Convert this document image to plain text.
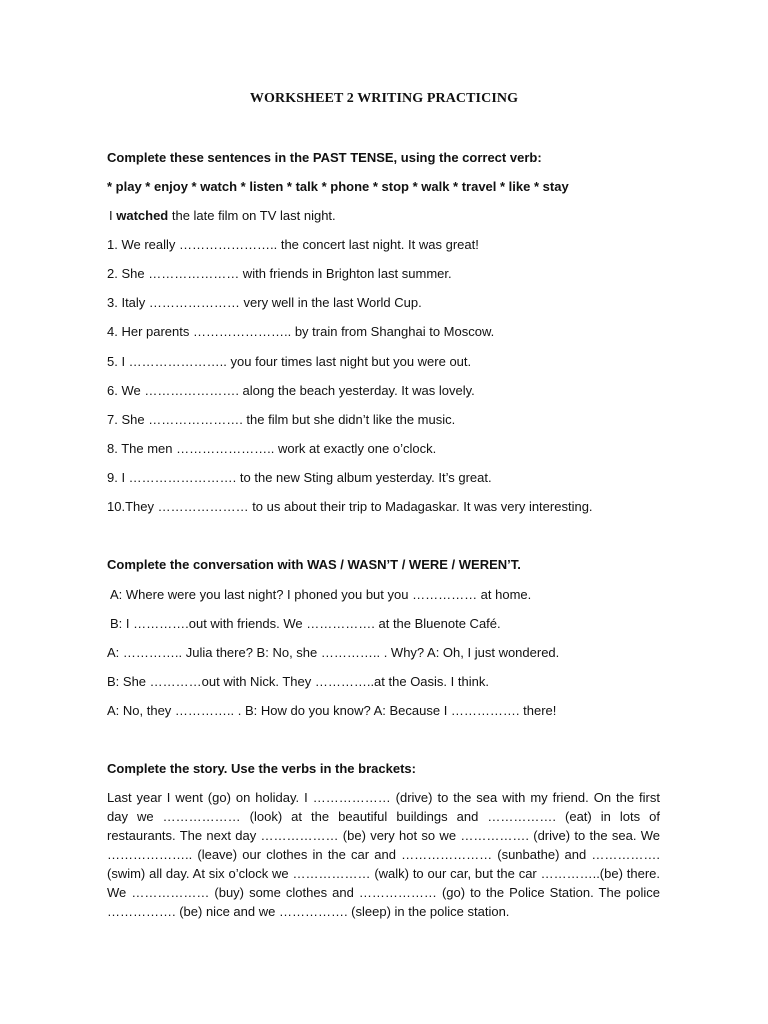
WORKSHEET 2 WRITING PRACTICING
Complete these sentences in the PAST TENSE, using the correct verb:
* play * enjoy * watch * listen * talk * phone * stop * walk * travel * like * stay
I watched the late film on TV last night.
1. We really ………………….. the concert last night. It was great!
2. She ………………… with friends in Brighton last summer.
3. Italy ………………… very well in the last World Cup.
4. Her parents ………………….. by train from Shanghai to Moscow.
5. I ………………….. you four times last night but you were out.
6. We …………………. along the beach yesterday. It was lovely.
7. She …………………. the film but she didn’t like the music.
8. The men ………………….. work at exactly one o’clock.
9. I ……………………. to the new Sting album yesterday. It’s great.
10.They ………………… to us about their trip to Madagaskar. It was very interesting.
Complete the conversation with WAS / WASN’T / WERE / WEREN’T.
A: Where were you last night? I phoned you but you …………… at home.
B: I ………….out with friends. We ……………. at the Bluenote Café.
A: ………….. Julia there? B: No, she ………….. . Why? A: Oh, I just wondered.
B: She …………out with Nick. They …………..at the Oasis. I think.
A: No, they ………….. . B: How do you know? A: Because I ……………. there!
Complete the story. Use the verbs in the brackets:
Last year I went (go) on holiday. I ……………… (drive) to the sea with my friend. On the first day we ……………… (look) at the beautiful buildings and ……………. (eat) in lots of restaurants. The next day ……………… (be) very hot so we ……………. (drive) to the sea. We ……………….. (leave) our clothes in the car and ………………… (sunbathe) and ……………. (swim) all day. At six o’clock we ……………… (walk) to our car, but the car …………..(be) there. We ……………… (buy) some clothes and ……………… (go) to the Police Station. The police ……………. (be) nice and we ……………. (sleep) in the police station.
